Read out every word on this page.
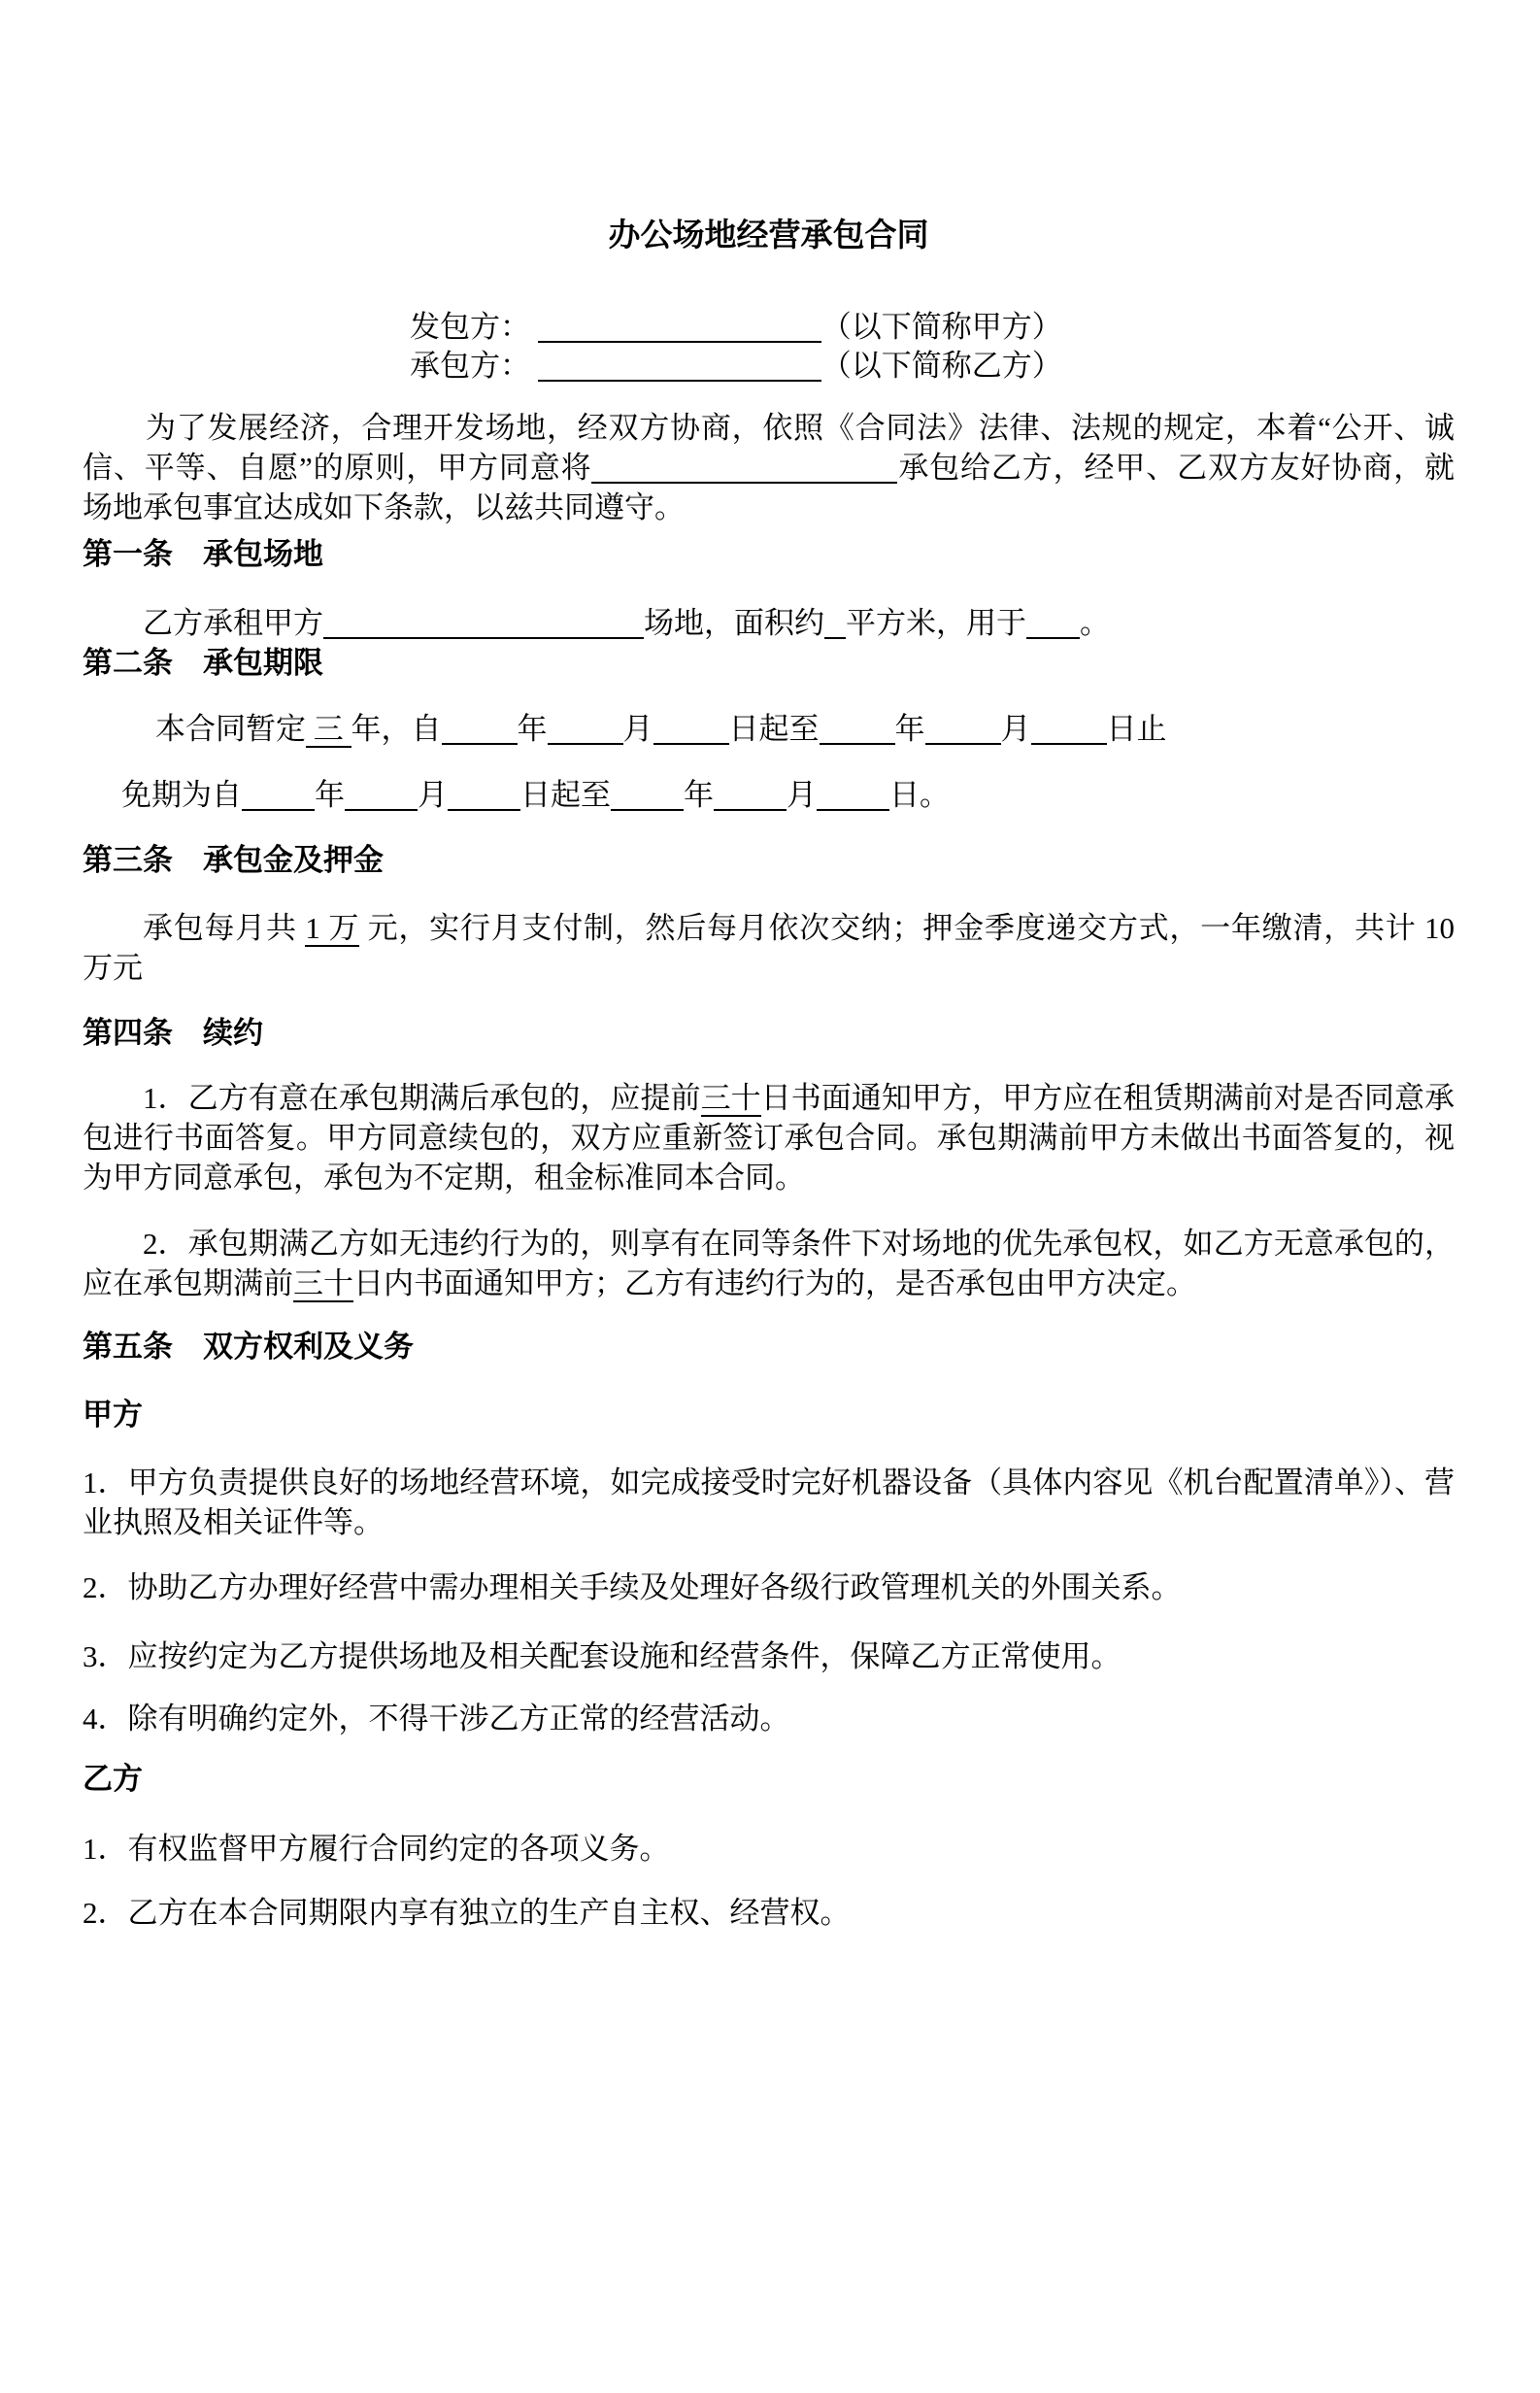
办公场地经营承包合同

发包方：	（以下简称甲方）
承包方：	（以下简称乙方）

为了发展经济，合理开发场地，经双方协商，依照《合同法》法律、法规的规定，本着“公开、诚信、平等、自愿”的原则，甲方同意将	承包给乙方，经甲、乙双方友好协商，就场地承包事宜达成如下条款，以兹共同遵守。

第一条　承包场地

乙方承租甲方	场地，面积约 平方米，用于 。

第二条　承包期限

本合同暂定 三 年，自	年	月	日起至	年	月	日止

免期为自 年 月 日起至 年 月 日。

第三条　承包金及押金

承包每月共 1 万 元，实行月支付制，然后每月依次交纳；押金季度递交方式，一年缴清，共计 10 万元

第四条　续约

1．乙方有意在承包期满后承包的，应提前三十日书面通知甲方，甲方应在租赁期满前对是否同意承包进行书面答复。甲方同意续包的，双方应重新签订承包合同。承包期满前甲方未做出书面答复的，视为甲方同意承包，承包为不定期，租金标准同本合同。

2．承包期满乙方如无违约行为的，则享有在同等条件下对场地的优先承包权，如乙方无意承包的，应在承包期满前三十日内书面通知甲方；乙方有违约行为的，是否承包由甲方决定。

第五条　双方权利及义务

甲方

1．甲方负责提供良好的场地经营环境，如完成接受时完好机器设备（具体内容见《机台配置清单》）、营业执照及相关证件等。

2．协助乙方办理好经营中需办理相关手续及处理好各级行政管理机关的外围关系。

3．应按约定为乙方提供场地及相关配套设施和经营条件，保障乙方正常使用。

4．除有明确约定外，不得干涉乙方正常的经营活动。

乙方

1．有权监督甲方履行合同约定的各项义务。

2．乙方在本合同期限内享有独立的生产自主权、经营权。
